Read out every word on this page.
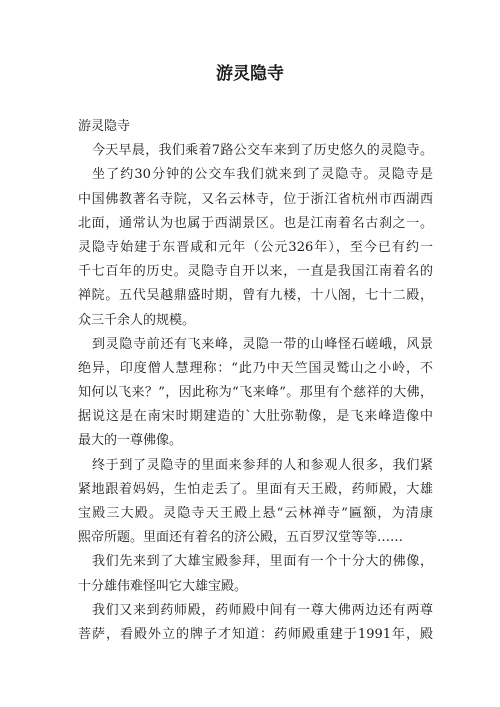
游灵隐寺
游灵隐寺
今天早晨，我们乘着7路公交车来到了历史悠久的灵隐寺。
坐了约30分钟的公交车我们就来到了灵隐寺。灵隐寺是
中国佛教著名寺院，又名云林寺，位于浙江省杭州市西湖西
北面，通常认为也属于西湖景区。也是江南着名古刹之一。
灵隐寺始建于东晋咸和元年（公元326年），至今已有约一
千七百年的历史。灵隐寺自开以来，一直是我国江南着名的
禅院。五代吴越鼎盛时期，曾有九楼，十八阁，七十二殿，
众三千余人的规模。
到灵隐寺前还有飞来峰，灵隐一带的山峰怪石嵯峨，风景
绝异，印度僧人慧理称：“此乃中天竺国灵鹫山之小岭，不
知何以飞来？”，因此称为“飞来峰”。那里有个慈祥的大佛，
据说这是在南宋时期建造的`大肚弥勒像，是飞来峰造像中
最大的一尊佛像。
终于到了灵隐寺的里面来参拜的人和参观人很多，我们紧
紧地跟着妈妈，生怕走丢了。里面有天王殿，药师殿，大雄
宝殿三大殿。灵隐寺天王殿上悬“云林禅寺”匾额，为清康
熙帝所题。里面还有着名的济公殿，五百罗汉堂等等……
我们先来到了大雄宝殿参拜，里面有一个十分大的佛像，
十分雄伟难怪叫它大雄宝殿。
我们又来到药师殿，药师殿中间有一尊大佛两边还有两尊
菩萨，看殿外立的牌子才知道：药师殿重建于1991年，殿
